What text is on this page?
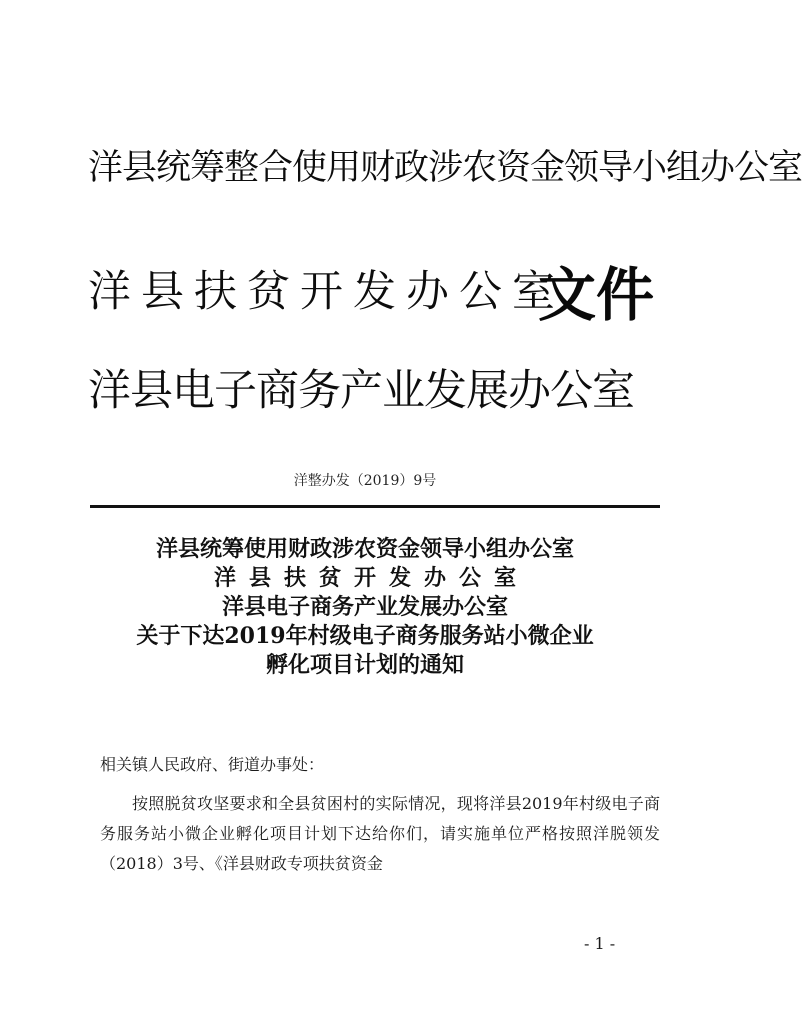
洋县统筹整合使用财政涉农资金领导小组办公室
洋县扶贫开发办公室
文件
洋县电子商务产业发展办公室
洋整办发（2019）9号
洋县统筹使用财政涉农资金领导小组办公室
洋县扶贫开发办公室
洋县电子商务产业发展办公室
关于下达2019年村级电子商务服务站小微企业
孵化项目计划的通知
相关镇人民政府、街道办事处：
按照脱贫攻坚要求和全县贫困村的实际情况，现将洋县2019年村级电子商务服务站小微企业孵化项目计划下达给你们，请实施单位严格按照洋脱领发（2018）3号、《洋县财政专项扶贫资金
- 1 -
